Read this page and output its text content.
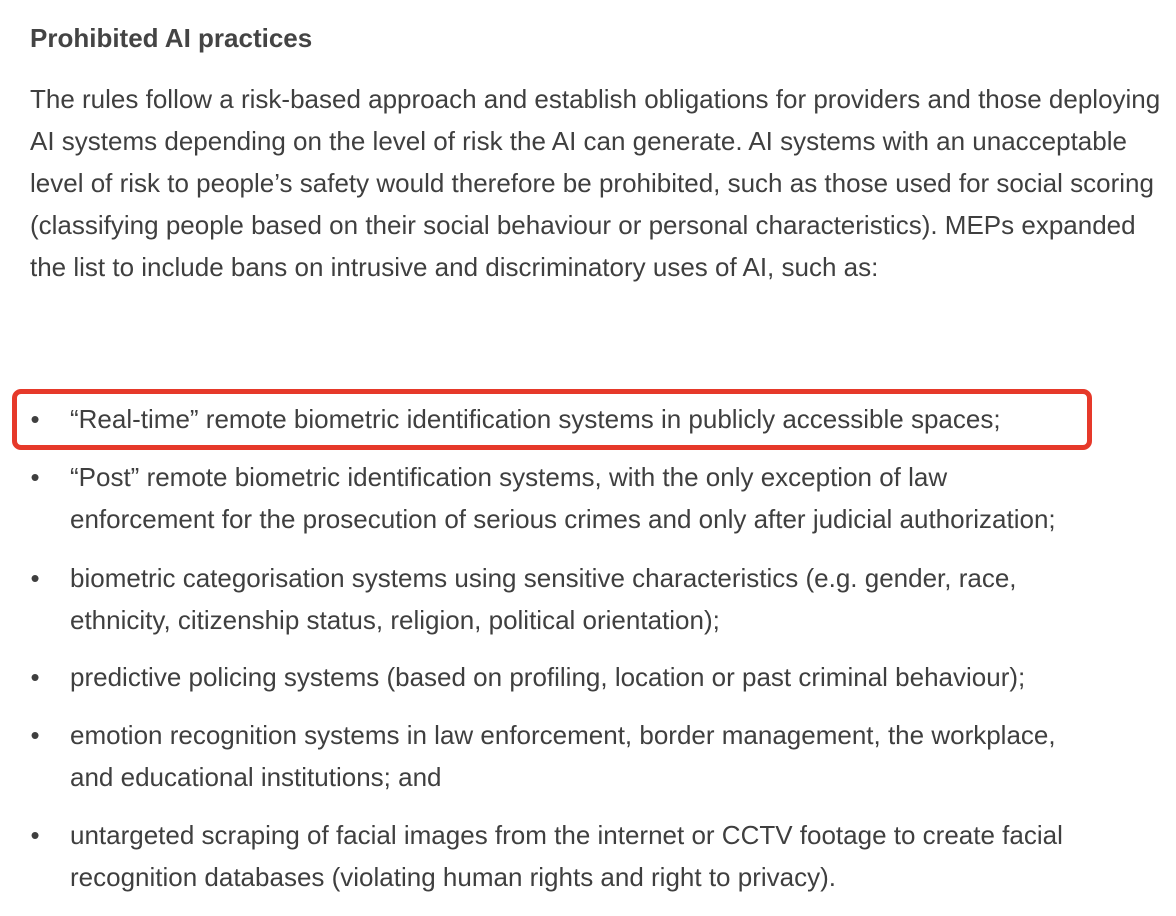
Prohibited AI practices

The rules follow a risk-based approach and establish obligations for providers and those deploying AI systems depending on the level of risk the AI can generate. AI systems with an unacceptable level of risk to people’s safety would therefore be prohibited, such as those used for social scoring (classifying people based on their social behaviour or personal characteristics). MEPs expanded the list to include bans on intrusive and discriminatory uses of AI, such as:

• “Real-time” remote biometric identification systems in publicly accessible spaces;
• “Post” remote biometric identification systems, with the only exception of law
enforcement for the prosecution of serious crimes and only after judicial authorization;
• biometric categorisation systems using sensitive characteristics (e.g. gender, race,
ethnicity, citizenship status, religion, political orientation);
• predictive policing systems (based on profiling, location or past criminal behaviour);
• emotion recognition systems in law enforcement, border management, the workplace,
and educational institutions; and
• untargeted scraping of facial images from the internet or CCTV footage to create facial
recognition databases (violating human rights and right to privacy).
